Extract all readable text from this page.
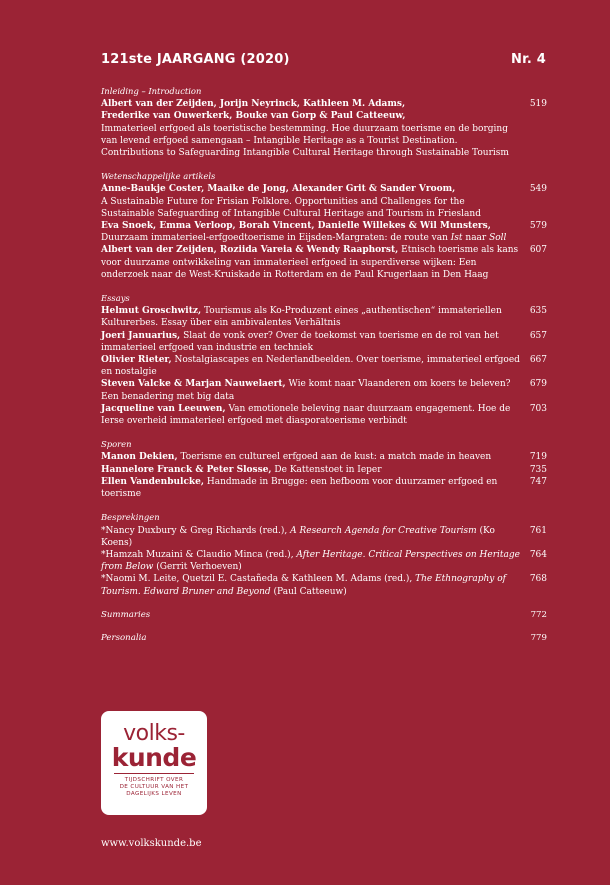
121ste JAARGANG (2020)	Nr. 4
Inleiding – Introduction
Albert van der Zeijden, Jorijn Neyrinck, Kathleen M. Adams,
Frederike van Ouwerkerk, Bouke van Gorp & Paul Catteeuw,
Immaterieel erfgoed als toeristische bestemming. Hoe duurzaam toerisme en de borging van levend erfgoed samengaan – Intangible Heritage as a Tourist Destination. Contributions to Safeguarding Intangible Cultural Heritage through Sustainable Tourism
519
Wetenschappelijke artikels
Anne-Baukje Coster, Maaike de Jong, Alexander Grit & Sander Vroom,
A Sustainable Future for Frisian Folklore. Opportunities and Challenges for the Sustainable Safeguarding of Intangible Cultural Heritage and Tourism in Friesland
549
Eva Snoek, Emma Verloop, Borah Vincent, Danielle Willekes & Wil Munsters,
Duurzaam immaterieel-erfgoedtoerisme in Eijsden-Margraten: de route van Ist naar Soll
579
Albert van der Zeijden, Roziida Vareia & Wendy Raaphorst, Etnisch toerisme als kans voor duurzame ontwikkeling van immaterieel erfgoed in superdiverse wijken: Een onderzoek naar de West-Kruiskade in Rotterdam en de Paul Krugerlaan in Den Haag
607
Essays
Helmut Groschwitz, Tourismus als Ko-Produzent eines „authentischen“ immateriellen Kulturerbes. Essay über ein ambivalentes Verhältnis
635
Joeri Januarius, Slaat de vonk over? Over de toekomst van toerisme en de rol van het immaterieel erfgoed van industrie en techniek
657
Olivier Rieter, Nostalgiascapes en Nederlandbeelden. Over toerisme, immaterieel erfgoed en nostalgie
667
Steven Valcke & Marjan Nauwelaert, Wie komt naar Vlaanderen om koers te beleven? Een benadering met big data
679
Jacqueline van Leeuwen, Van emotionele beleving naar duurzaam engagement. Hoe de Ierse overheid immaterieel erfgoed met diasporatoerisme verbindt
703
Sporen
Manon Dekien, Toerisme en cultureel erfgoed aan de kust: a match made in heaven	719
Hannelore Franck & Peter Slosse, De Kattenstoet in Ieper	735
Ellen Vandenbulcke, Handmade in Brugge: een hefboom voor duurzamer erfgoed en toerisme
747
Besprekingen
*Nancy Duxbury & Greg Richards (red.), A Research Agenda for Creative Tourism (Ko Koens)
761
*Hamzah Muzaini & Claudio Minca (red.), After Heritage. Critical Perspectives on Heritage from Below (Gerrit Verhoeven)
764
*Naomi M. Leite, Quetzil E. Castañeda & Kathleen M. Adams (red.), The Ethnography of Tourism. Edward Bruner and Beyond (Paul Catteeuw)
768
Summaries	772
Personalia	779
volks-
kunde
TIJDSCHRIFT OVER
DE CULTUUR VAN HET
DAGELIJKS LEVEN
www.volkskunde.be
